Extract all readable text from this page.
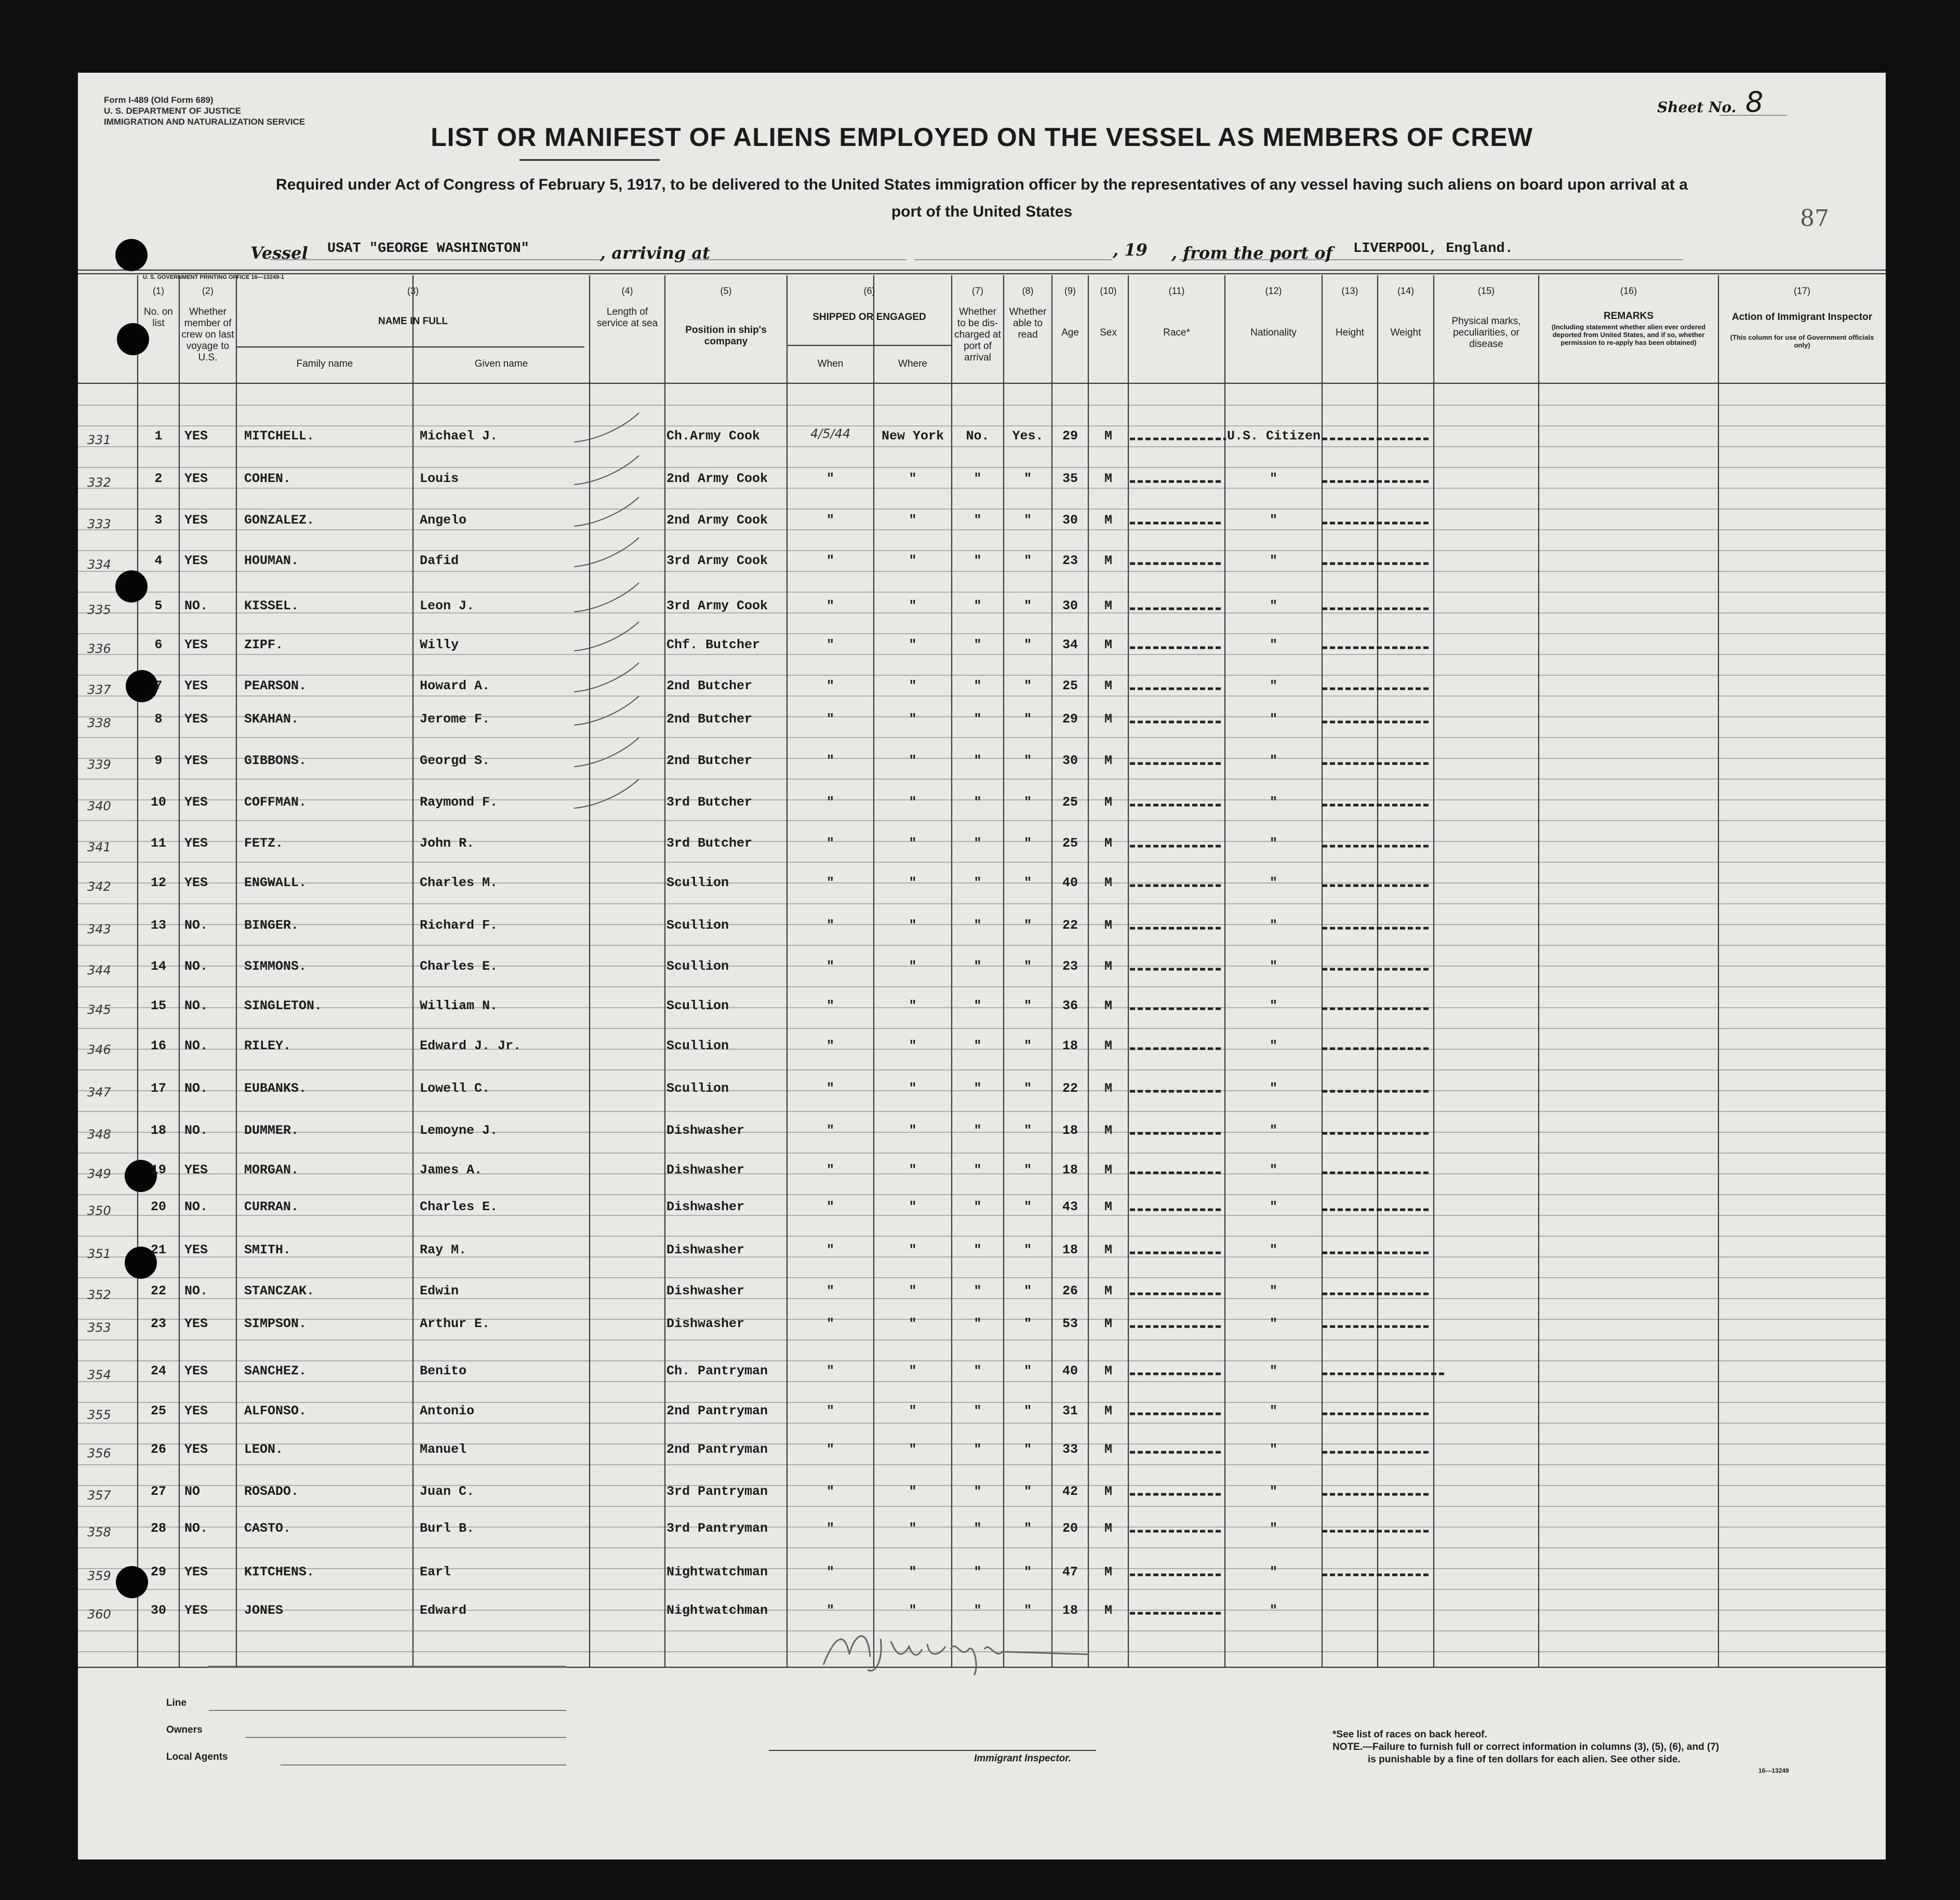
Form I-489 (Old Form 689)
U. S. DEPARTMENT OF JUSTICE
IMMIGRATION AND NATURALIZATION SERVICE
Sheet No. 8
LIST OR MANIFEST OF ALIENS EMPLOYED ON THE VESSEL AS MEMBERS OF CREW
Required under Act of Congress of February 5, 1917, to be delivered to the United States immigration officer by the representatives of any vessel having such aliens on board upon arrival at a
port of the United States	87
Vessel USAT "GEORGE WASHINGTON"	, arriving at	, 19 , from the port of LIVERPOOL, England.
U. S. GOVERNMENT PRINTING OFFICE 16—13249-1
(1)
No. on list
(2)
Whether member of crew on last voyage to U.S.
(3)
NAME IN FULL
Family name	Given name
(4)
Length of service at sea
(5)
Position in ship's company
(6)
SHIPPED OR ENGAGED
When	Where
(7)
Whether to be dis-charged at port of arrival
(8)
Whether able to read
(9)
Age
(10)
Sex
(11)
Race*
(12)
Nationality
(13)
Height
(14)
Weight
(15)
Physical marks, peculiarities, or disease
(16)
REMARKS
(Including statement whether alien ever ordered deported from United States, and if so, whether permission to re-apply has been obtained)
(17)
Action of Immigrant Inspector
(This column for use of Government officials only)
331	1	YES	MITCHELL.	Michael J.	Ch.Army Cook	4/5/44	New York	No.	Yes.	29	M	U.S. Citizen
332	2	YES	COHEN.	Louis	2nd Army Cook	"	"	"	"	35	M	"
333	3	YES	GONZALEZ.	Angelo	2nd Army Cook	"	"	"	"	30	M	"
334	4	YES	HOUMAN.	Dafid	3rd Army Cook	"	"	"	"	23	M	"
335	5	NO.	KISSEL.	Leon J.	3rd Army Cook	"	"	"	"	30	M	"
336	6	YES	ZIPF.	Willy	Chf. Butcher	"	"	"	"	34	M	"
337	7	YES	PEARSON.	Howard A.	2nd Butcher	"	"	"	"	25	M	"
338	8	YES	SKAHAN.	Jerome F.	2nd Butcher	"	"	"	"	29	M	"
339	9	YES	GIBBONS.	Georgd S.	2nd Butcher	"	"	"	"	30	M	"
340	10	YES	COFFMAN.	Raymond F.	3rd Butcher	"	"	"	"	25	M	"
341	11	YES	FETZ.	John R.	3rd Butcher	"	"	"	"	25	M	"
342	12	YES	ENGWALL.	Charles M.	Scullion	"	"	"	"	40	M	"
343	13	NO.	BINGER.	Richard F.	Scullion	"	"	"	"	22	M	"
344	14	NO.	SIMMONS.	Charles E.	Scullion	"	"	"	"	23	M	"
345	15	NO.	SINGLETON.	William N.	Scullion	"	"	"	"	36	M	"
346	16	NO.	RILEY.	Edward J. Jr.	Scullion	"	"	"	"	18	M	"
347	17	NO.	EUBANKS.	Lowell C.	Scullion	"	"	"	"	22	M	"
348	18	NO.	DUMMER.	Lemoyne J.	Dishwasher	"	"	"	"	18	M	"
349	19	YES	MORGAN.	James A.	Dishwasher	"	"	"	"	18	M	"
350	20	NO.	CURRAN.	Charles E.	Dishwasher	"	"	"	"	43	M	"
351	21	YES	SMITH.	Ray M.	Dishwasher	"	"	"	"	18	M	"
352	22	NO.	STANCZAK.	Edwin	Dishwasher	"	"	"	"	26	M	"
353	23	YES	SIMPSON.	Arthur E.	Dishwasher	"	"	"	"	53	M	"
354	24	YES	SANCHEZ.	Benito	Ch. Pantryman	"	"	"	"	40	M	"
355	25	YES	ALFONSO.	Antonio	2nd Pantryman	"	"	"	"	31	M	"
356	26	YES	LEON.	Manuel	2nd Pantryman	"	"	"	"	33	M	"
357	27	NO	ROSADO.	Juan C.	3rd Pantryman	"	"	"	"	42	M	"
358	28	NO.	CASTO.	Burl B.	3rd Pantryman	"	"	"	"	20	M	"
359	29	YES	KITCHENS.	Earl	Nightwatchman	"	"	"	"	47	M	"
360	30	YES	JONES	Edward	Nightwatchman	"	"	"	"	18	M	"
Line
Owners
Local Agents	Immigrant Inspector.
*See list of races on back hereof.
NOTE.—Failure to furnish full or correct information in columns (3), (5), (6), and (7)
is punishable by a fine of ten dollars for each alien. See other side.
16—13249
